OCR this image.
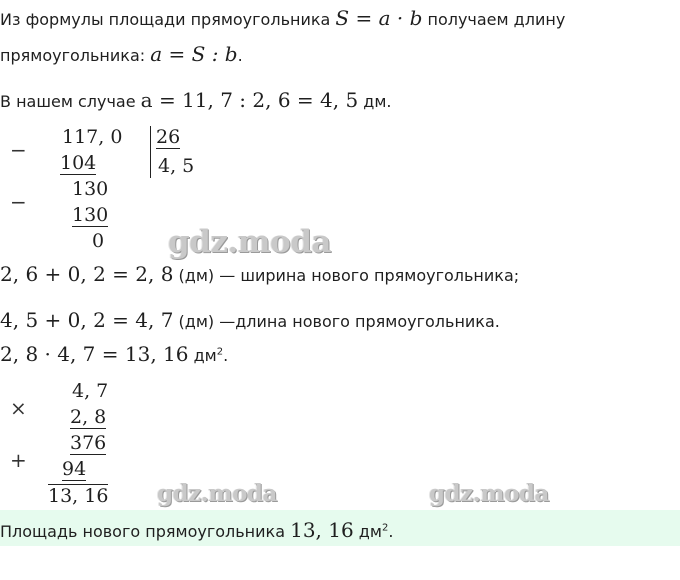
Из формулы площади прямоугольника S = a · b получаем длину
прямоугольника: a = S : b.
В нашем случае a = 11, 7 : 2, 6 = 4, 5 дм.
−
117, 0
104
26
4, 5
130
−
130
0 gdz.moda
2, 6 + 0, 2 = 2, 8 (дм) — ширина нового прямоугольника;
4, 5 + 0, 2 = 4, 7 (дм) —длина нового прямоугольника.
2, 8 · 4, 7 = 13, 16 $дм^2$.
×
4, 7
2, 8
376
+ 94
13, 16 gdz.moda	gdz.moda
Площадь нового прямоугольника 13, 16 $дм^2$.
